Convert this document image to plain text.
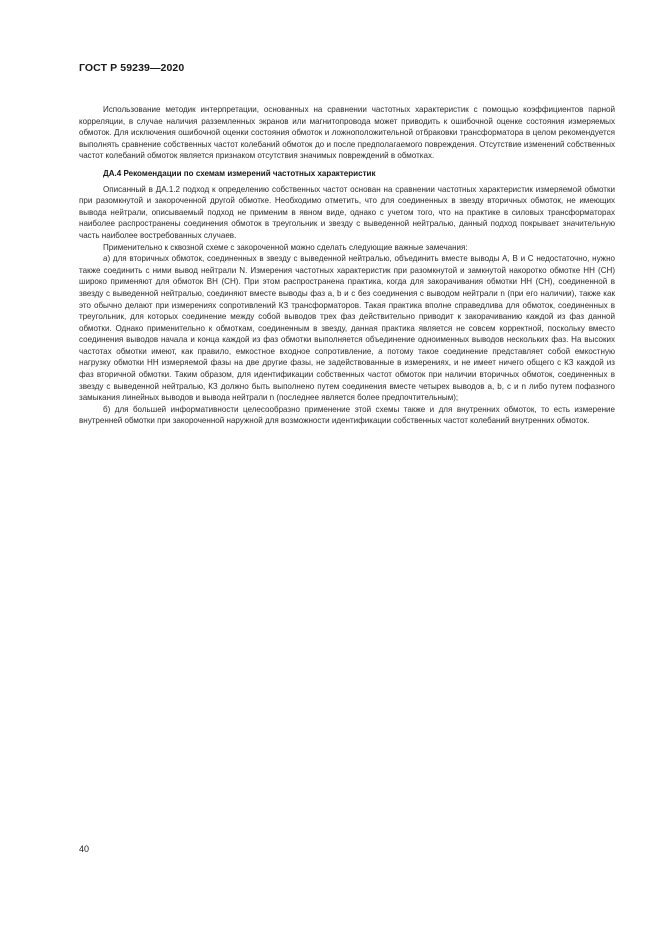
ГОСТ Р 59239—2020

Использование методик интерпретации, основанных на сравнении частотных характеристик с помощью коэффициентов парной корреляции, в случае наличия разземленных экранов или магнитопровода может приводить к ошибочной оценке состояния измеряемых обмоток. Для исключения ошибочной оценки состояния обмоток и ложноположительной отбраковки трансформатора в целом рекомендуется выполнять сравнение собственных частот колебаний обмоток до и после предполагаемого повреждения. Отсутствие изменений собственных частот колебаний обмоток является признаком отсутствия значимых повреждений в обмотках.

ДА.4 Рекомендации по схемам измерений частотных характеристик

Описанный в ДА.1.2 подход к определению собственных частот основан на сравнении частотных характеристик измеряемой обмотки при разомкнутой и закороченной другой обмотке. Необходимо отметить, что для соединенных в звезду вторичных обмоток, не имеющих вывода нейтрали, описываемый подход не применим в явном виде, однако с учетом того, что на практике в силовых трансформаторах наиболее распространены соединения обмоток в треугольник и звезду с выведенной нейтралью, данный подход покрывает значительную часть наиболее востребованных случаев.

Применительно к сквозной схеме с закороченной можно сделать следующие важные замечания:

а) для вторичных обмоток, соединенных в звезду с выведенной нейтралью, объединить вместе выводы A, B и C недостаточно, нужно также соединить с ними вывод нейтрали N. Измерения частотных характеристик при разомкнутой и замкнутой накоротко обмотке НН (СН) широко применяют для обмоток ВН (СН). При этом распространена практика, когда для закорачивания обмотки НН (СН), соединенной в звезду с выведенной нейтралью, соединяют вместе выводы фаз a, b и c без соединения с выводом нейтрали n (при его наличии), также как это обычно делают при измерениях сопротивлений КЗ трансформаторов. Такая практика вполне справедлива для обмоток, соединенных в треугольник, для которых соединение между собой выводов трех фаз действительно приводит к закорачиванию каждой из фаз данной обмотки. Однако применительно к обмоткам, соединенным в звезду, данная практика является не совсем корректной, поскольку вместо соединения выводов начала и конца каждой из фаз обмотки выполняется объединение одноименных выводов нескольких фаз. На высоких частотах обмотки имеют, как правило, емкостное входное сопротивление, а потому такое соединение представляет собой емкостную нагрузку обмотки НН измеряемой фазы на две другие фазы, не задействованные в измерениях, и не имеет ничего общего с КЗ каждой из фаз вторичной обмотки. Таким образом, для идентификации собственных частот обмоток при наличии вторичных обмоток, соединенных в звезду с выведенной нейтралью, КЗ должно быть выполнено путем соединения вместе четырех выводов a, b, c и n либо путем пофазного замыкания линейных выводов и вывода нейтрали n (последнее является более предпочтительным);

б) для большей информативности целесообразно применение этой схемы также и для внутренних обмоток, то есть измерение внутренней обмотки при закороченной наружной для возможности идентификации собственных частот колебаний внутренних обмоток.

40
